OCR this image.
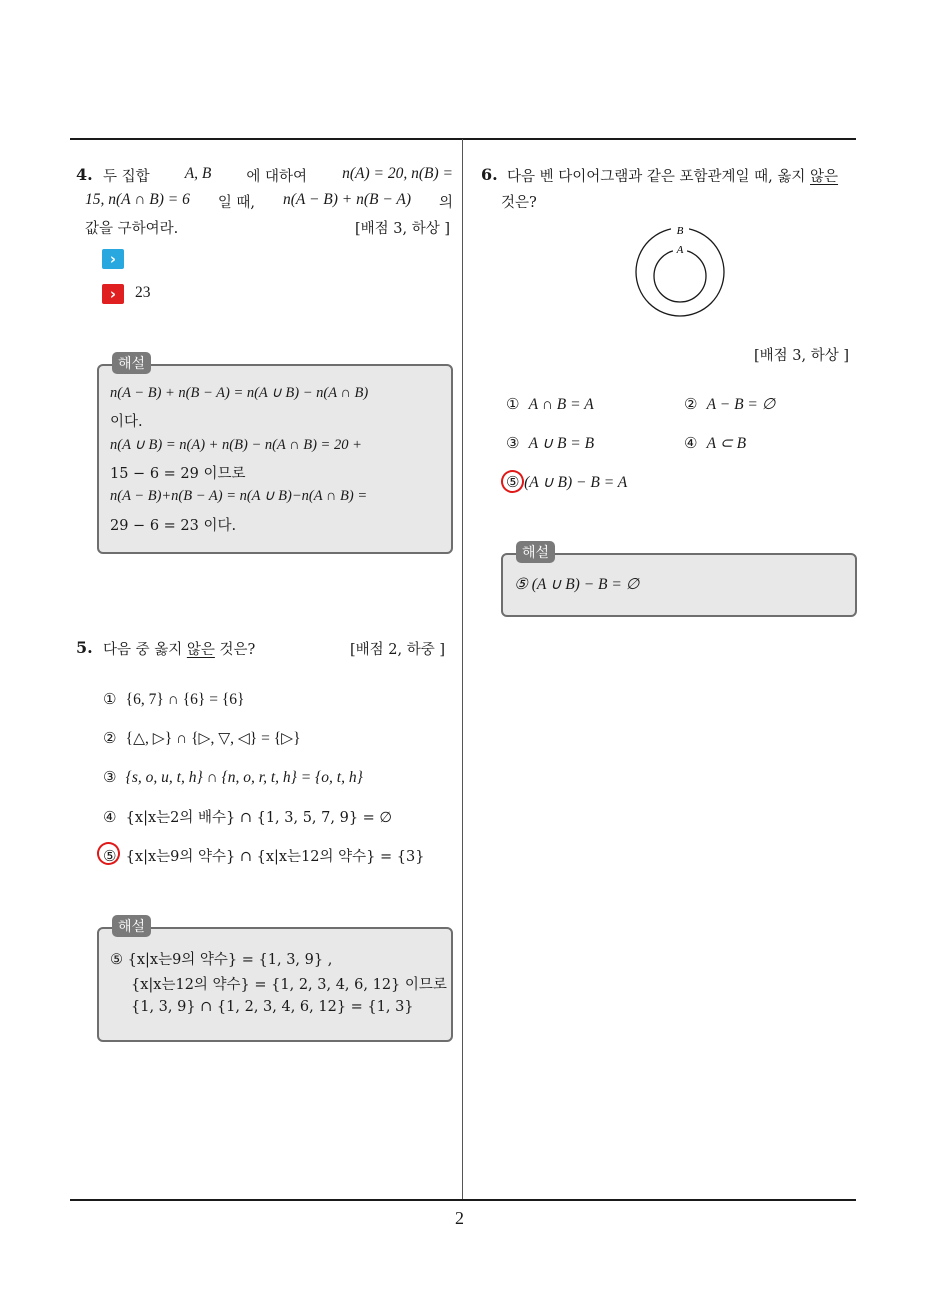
2
4. 두 집합 A, B 에 대하여 n(A) = 20, n(B) =
15, n(A ∩ B) = 6 일 때, n(A − B) + n(B − A) 의
값을 구하여라.	[배점 3, 하상 ]
›
› 23
해설
n(A − B) + n(B − A) = n(A ∪ B) − n(A ∩ B)
이다.
n(A ∪ B) = n(A) + n(B) − n(A ∩ B) = 20 +
15 − 6 = 29 이므로
n(A − B)+n(B − A) = n(A ∪ B)−n(A ∩ B) =
29 − 6 = 23 이다.
5. 다음 중 옳지 않은 것은?	[배점 2, 하중 ]
① {6, 7} ∩ {6} = {6}
② {△, ▷} ∩ {▷, ▽, ◁} = {▷}
③ {s, o, u, t, h} ∩ {n, o, r, t, h} = {o, t, h}
④ {x|x는2의 배수} ∩ {1, 3, 5, 7, 9} = ∅
⑤ {x|x는9의 약수} ∩ {x|x는12의 약수} = {3}
해설
⑤ {x|x는9의 약수} = {1, 3, 9} ,
{x|x는12의 약수} = {1, 2, 3, 4, 6, 12} 이므로
{1, 3, 9} ∩ {1, 2, 3, 4, 6, 12} = {1, 3}
6. 다음 벤 다이어그램과 같은 포함관계일 때, 옳지 않은
것은?
B
A
[배점 3, 하상 ]
① A ∩ B = A	② A − B = ∅
③ A ∪ B = B	④ A ⊂ B
⑤ (A ∪ B) − B = A
해설
⑤ (A ∪ B) − B = ∅
